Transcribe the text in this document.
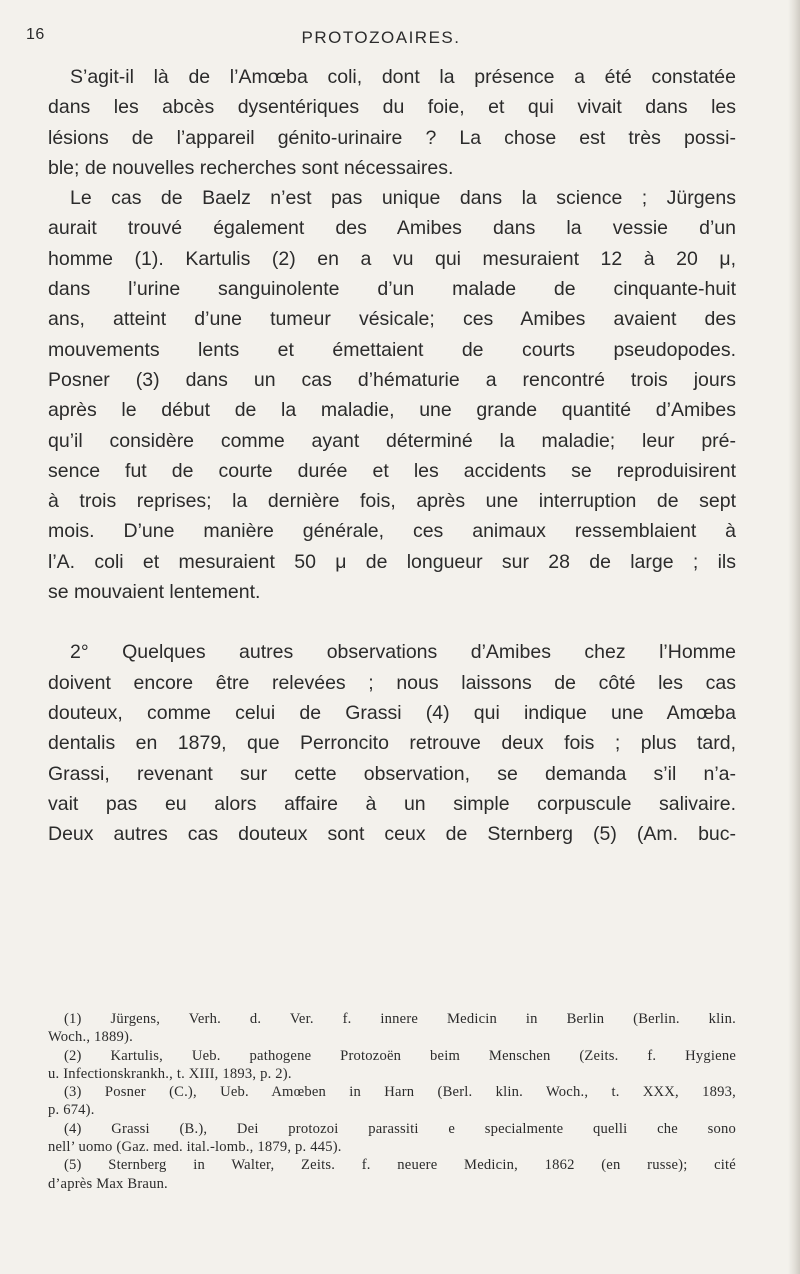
16	PROTOZOAIRES.
S’agit-il là de l’Amœba coli, dont la présence a été constatée
dans les abcès dysentériques du foie, et qui vivait dans les
lésions de l’appareil génito-urinaire ? La chose est très possi-
ble; de nouvelles recherches sont nécessaires.
Le cas de Baelz n’est pas unique dans la science ; Jürgens
aurait trouvé également des Amibes dans la vessie d’un
homme (1). Kartulis (2) en a vu qui mesuraient 12 à 20 μ,
dans l’urine sanguinolente d’un malade de cinquante-huit
ans, atteint d’une tumeur vésicale; ces Amibes avaient des
mouvements lents et émettaient de courts pseudopodes.
Posner (3) dans un cas d’hématurie a rencontré trois jours
après le début de la maladie, une grande quantité d’Amibes
qu’il considère comme ayant déterminé la maladie; leur pré-
sence fut de courte durée et les accidents se reproduisirent
à trois reprises; la dernière fois, après une interruption de sept
mois. D’une manière générale, ces animaux ressemblaient à
l’A. coli et mesuraient 50 μ de longueur sur 28 de large ; ils
se mouvaient lentement.
2° Quelques autres observations d’Amibes chez l’Homme
doivent encore être relevées ; nous laissons de côté les cas
douteux, comme celui de Grassi (4) qui indique une Amœba
dentalis en 1879, que Perroncito retrouve deux fois ; plus tard,
Grassi, revenant sur cette observation, se demanda s’il n’a-
vait pas eu alors affaire à un simple corpuscule salivaire.
Deux autres cas douteux sont ceux de Sternberg (5) (Am. buc-
(1) Jürgens, Verh. d. Ver. f. innere Medicin in Berlin (Berlin. klin.
Woch., 1889).
(2) Kartulis, Ueb. pathogene Protozoën beim Menschen (Zeits. f. Hygiene
u. Infectionskrankh., t. XIII, 1893, p. 2).
(3) Posner (C.), Ueb. Amœben in Harn (Berl. klin. Woch., t. XXX, 1893,
p. 674).
(4) Grassi (B.), Dei protozoi parassiti e specialmente quelli che sono
nell’ uomo (Gaz. med. ital.-lomb., 1879, p. 445).
(5) Sternberg in Walter, Zeits. f. neuere Medicin, 1862 (en russe); cité
d’après Max Braun.
